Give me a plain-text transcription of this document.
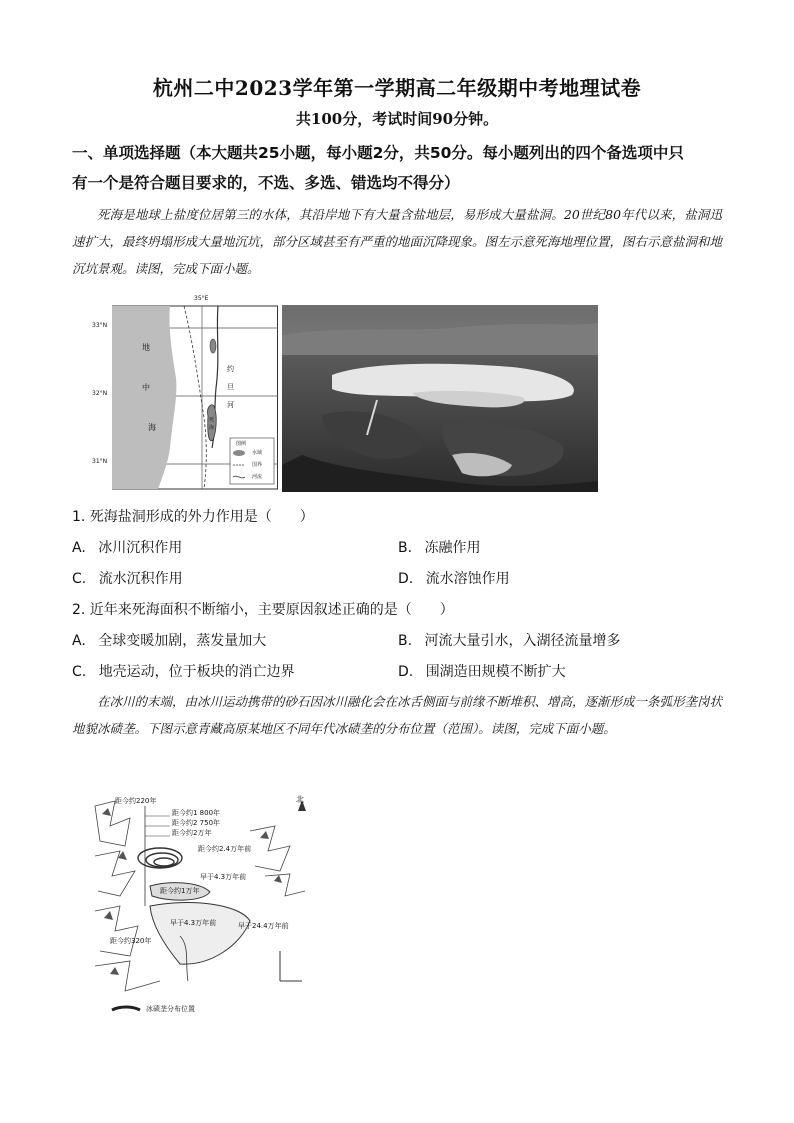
杭州二中2023学年第一学期高二年级期中考地理试卷
共100分，考试时间90分钟。
一、单项选择题（本大题共25小题，每小题2分，共50分。每小题列出的四个备选项中只
有一个是符合题目要求的，不选、多选、错选均不得分）
死海是地球上盐度位居第三的水体，其沿岸地下有大量含盐地层，易形成大量盐洞。20世纪80年代以来，盐洞迅速扩大，最终坍塌形成大量地沉坑，部分区域甚至有严重的地面沉降现象。图左示意死海地理位置，图右示意盐洞和地沉坑景观。读图，完成下面小题。
33°N
32°N
31°N
35°E
地
中
海
约
旦
河
死
海
图例
水域
国界
河流
1. 死海盐洞形成的外力作用是（　　）
A. 冰川沉积作用	B. 冻融作用
C. 流水沉积作用	D. 流水溶蚀作用
2. 近年来死海面积不断缩小，主要原因叙述正确的是（　　）
A. 全球变暖加剧，蒸发量加大	B. 河流大量引水，入湖径流量增多
C. 地壳运动，位于板块的消亡边界	D. 围湖造田规模不断扩大
在冰川的末端，由冰川运动携带的砂石因冰川融化会在冰舌侧面与前缘不断堆积、增高，逐渐形成一条弧形垄岗状地貌冰碛垄。下图示意青藏高原某地区不同年代冰碛垄的分布位置（范围）。读图，完成下面小题。
距今约220年
距今约1 800年
距今约2 750年
距今约2万年
距今约2.4万年前
早于4.3万年前
距今约1万年
早于4.3万年前	早于24.4万年前
距今约320年
北
冰碛垄分布位置
